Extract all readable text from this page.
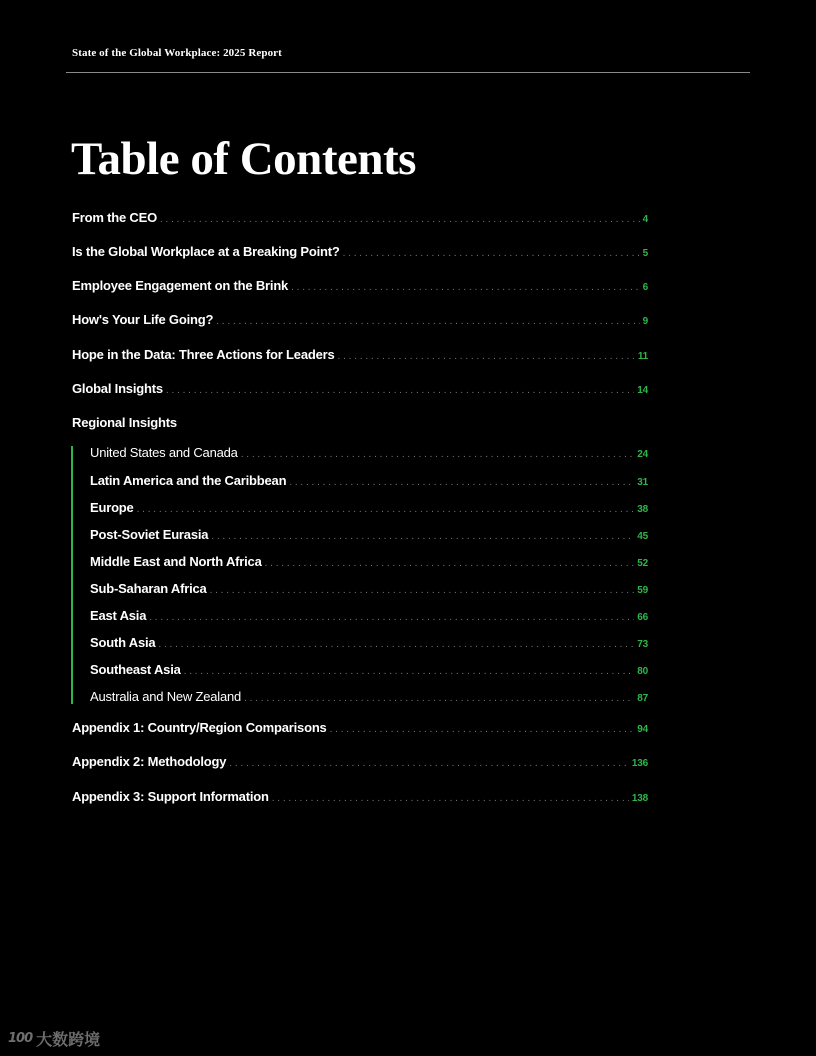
State of the Global Workplace: 2025 Report
Table of Contents
From the CEO . . .	4
Is the Global Workplace at a Breaking Point? . . .	5
Employee Engagement on the Brink . . .	6
How's Your Life Going? . . .	9
Hope in the Data: Three Actions for Leaders . . .	11
Global Insights . . .	14
Regional Insights
United States and Canada . . .	24
Latin America and the Caribbean . . .	31
Europe . . .	38
Post-Soviet Eurasia . . .	45
Middle East and North Africa . . .	52
Sub-Saharan Africa . . .	59
East Asia . . .	66
South Asia . . .	73
Southeast Asia . . .	80
Australia and New Zealand . . .	87
Appendix 1: Country/Region Comparisons . . .	94
Appendix 2: Methodology . . .	136
Appendix 3: Support Information . . .	138
100 大数跨境
